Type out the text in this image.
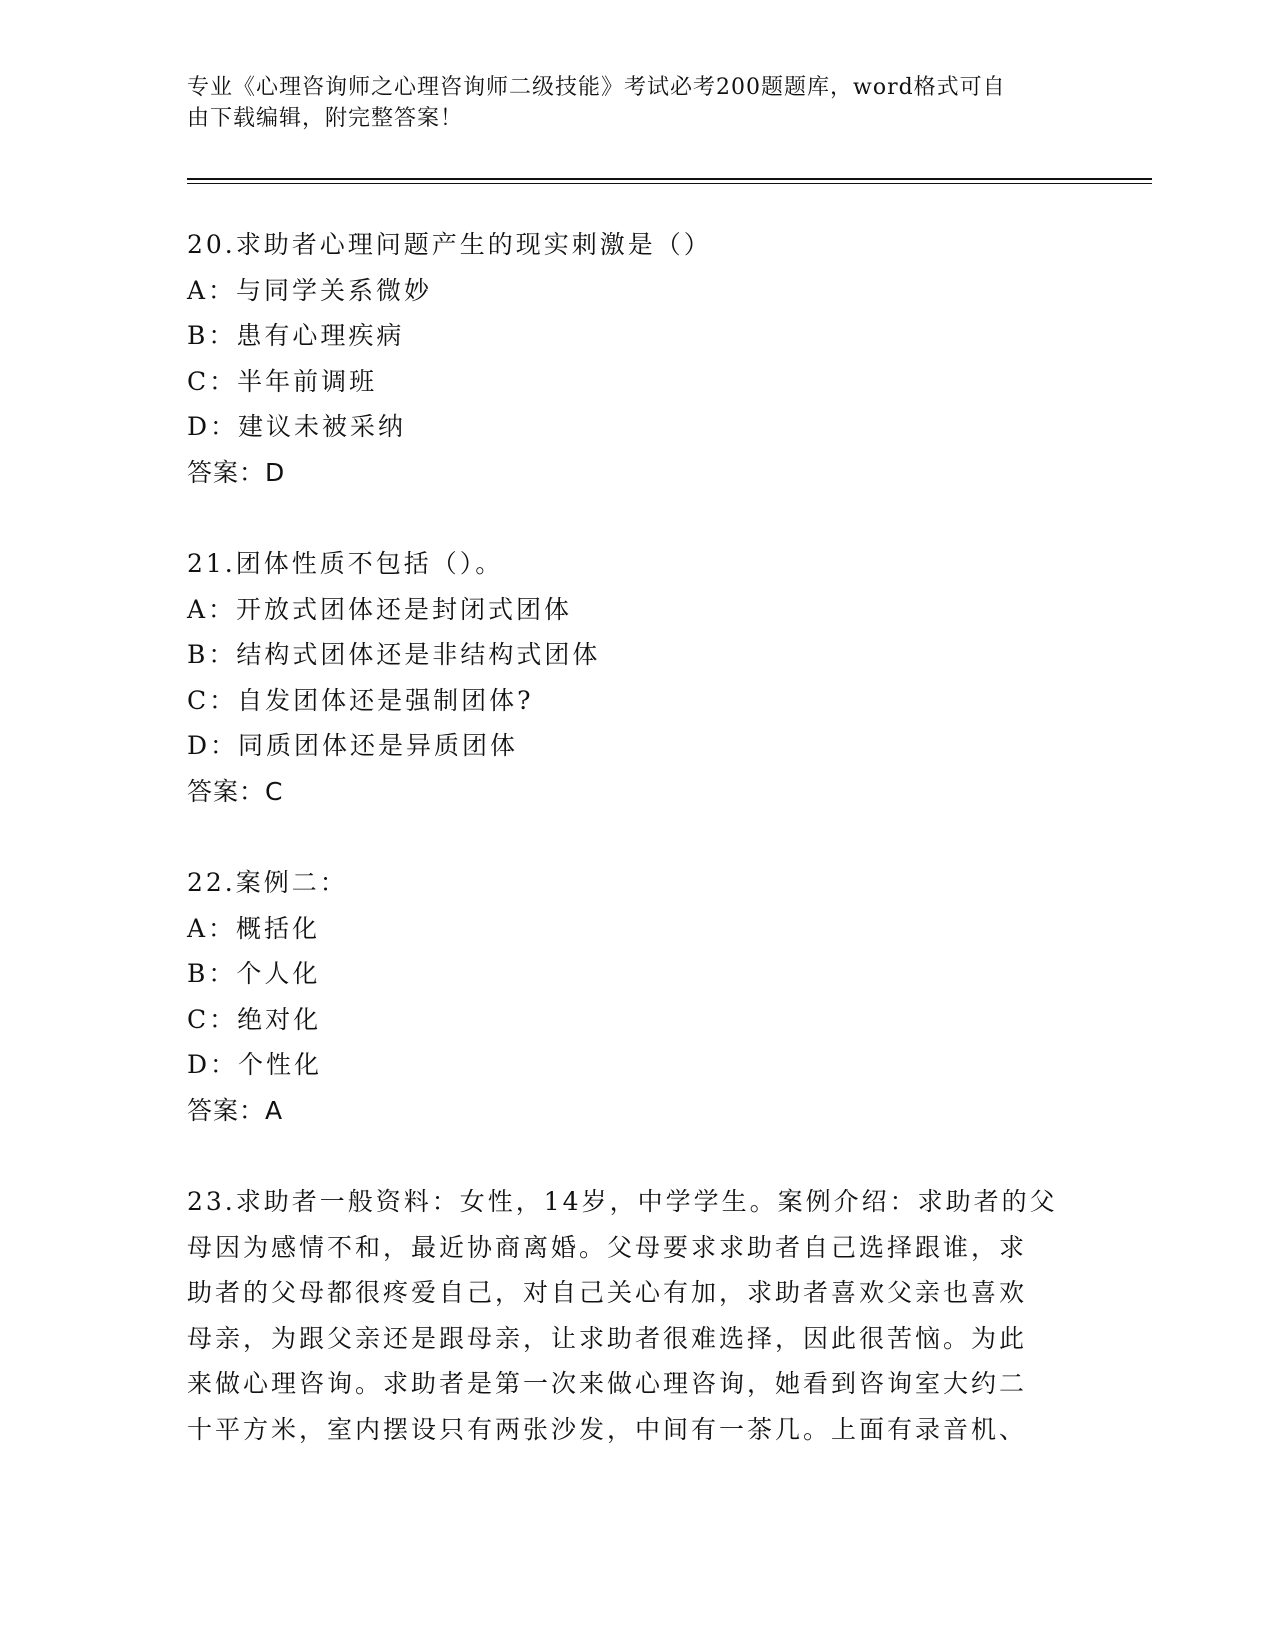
专业《心理咨询师之心理咨询师二级技能》考试必考200题题库，word格式可自
由下载编辑，附完整答案！
20.求助者心理问题产生的现实刺激是（）
A：与同学关系微妙
B：患有心理疾病
C：半年前调班
D：建议未被采纳
答案：D
21.团体性质不包括（）。
A：开放式团体还是封闭式团体
B：结构式团体还是非结构式团体
C：自发团体还是强制团体?
D：同质团体还是异质团体
答案：C
22.案例二：
A：概括化
B：个人化
C：绝对化
D：个性化
答案：A
23.求助者一般资料：女性，14岁，中学学生。案例介绍：求助者的父
母因为感情不和，最近协商离婚。父母要求求助者自己选择跟谁，求
助者的父母都很疼爱自己，对自己关心有加，求助者喜欢父亲也喜欢
母亲，为跟父亲还是跟母亲，让求助者很难选择，因此很苦恼。为此
来做心理咨询。求助者是第一次来做心理咨询，她看到咨询室大约二
十平方米，室内摆设只有两张沙发，中间有一茶几。上面有录音机、
